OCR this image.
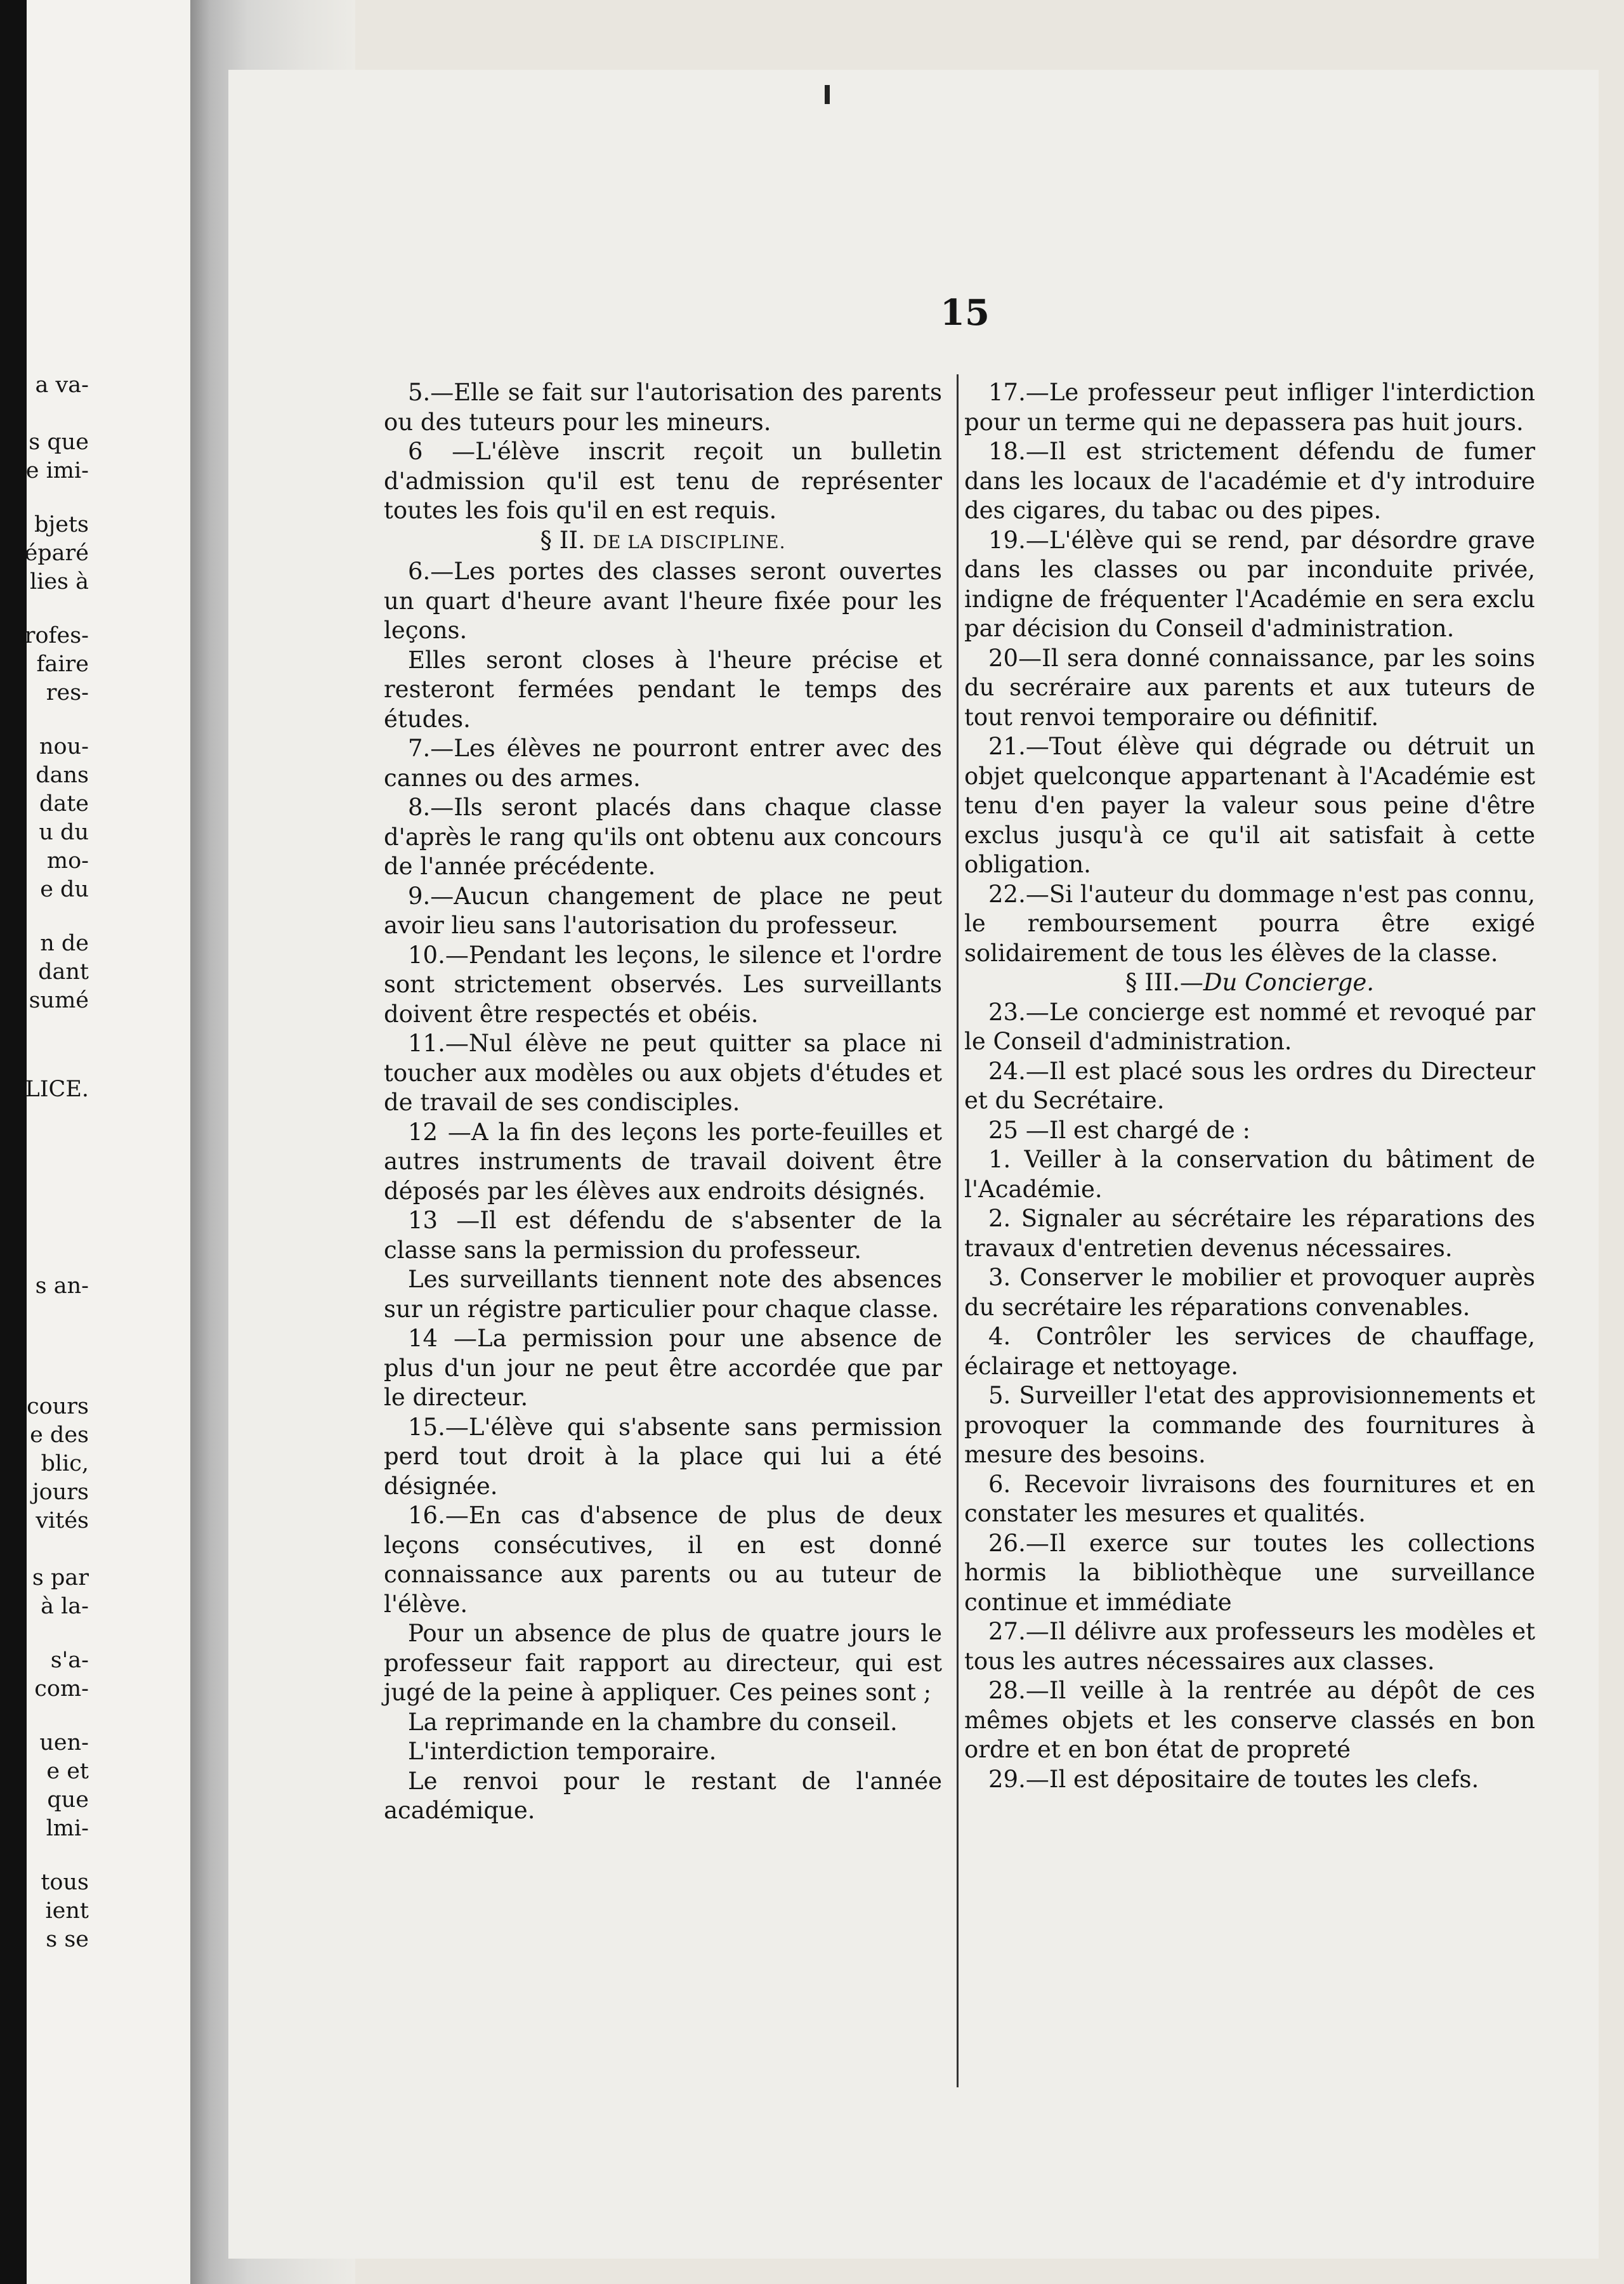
a va-
s que
e imi-
bjets
éparé
lies à
rofes-
faire
res-
nou-
dans
date
u du
mo-
e du
n de
dant
sumé
LICE.
s an-
cours
e des
blic,
jours
vités
s par
à la-
s'a-
com-
uen-
e et
que
lmi-
tous
ient
s se
15

5.—Elle se fait sur l'autorisation des parents ou des tuteurs pour les mineurs.

6 —L'élève inscrit reçoit un bulletin d'admission qu'il est tenu de représenter toutes les fois qu'il en est requis.

§ II. DE LA DISCIPLINE.

6.—Les portes des classes seront ouvertes un quart d'heure avant l'heure fixée pour les leçons.

Elles seront closes à l'heure précise et resteront fermées pendant le temps des études.

7.—Les élèves ne pourront entrer avec des cannes ou des armes.

8.—Ils seront placés dans chaque classe d'après le rang qu'ils ont obtenu aux concours de l'année précédente.

9.—Aucun changement de place ne peut avoir lieu sans l'autorisation du professeur.

10.—Pendant les leçons, le silence et l'ordre sont strictement observés. Les surveillants doivent être respectés et obéis.

11.—Nul élève ne peut quitter sa place ni toucher aux modèles ou aux objets d'études et de travail de ses condisciples.

12 —A la fin des leçons les porte-feuilles et autres instruments de travail doivent être déposés par les élèves aux endroits désignés.

13 —Il est défendu de s'absenter de la classe sans la permission du professeur.

Les surveillants tiennent note des absences sur un régistre particulier pour chaque classe.

14 —La permission pour une absence de plus d'un jour ne peut être accordée que par le directeur.

15.—L'élève qui s'absente sans permission perd tout droit à la place qui lui a été désignée.

16.—En cas d'absence de plus de deux leçons consécutives, il en est donné connaissance aux parents ou au tuteur de l'élève.

Pour un absence de plus de quatre jours le professeur fait rapport au directeur, qui est jugé de la peine à appliquer. Ces peines sont ;

La reprimande en la chambre du conseil.

L'interdiction temporaire.

Le renvoi pour le restant de l'année académique.

17.—Le professeur peut infliger l'interdiction pour un terme qui ne depassera pas huit jours.

18.—Il est strictement défendu de fumer dans les locaux de l'académie et d'y introduire des cigares, du tabac ou des pipes.

19.—L'élève qui se rend, par désordre grave dans les classes ou par inconduite privée, indigne de fréquenter l'Académie en sera exclu par décision du Conseil d'administration.

20—Il sera donné connaissance, par les soins du secréraire aux parents et aux tuteurs de tout renvoi temporaire ou définitif.

21.—Tout élève qui dégrade ou détruit un objet quelconque appartenant à l'Académie est tenu d'en payer la valeur sous peine d'être exclus jusqu'à ce qu'il ait satisfait à cette obligation.

22.—Si l'auteur du dommage n'est pas connu, le remboursement pourra être exigé solidairement de tous les élèves de la classe.

§ III.—Du Concierge.

23.—Le concierge est nommé et revoqué par le Conseil d'administration.

24.—Il est placé sous les ordres du Directeur et du Secrétaire.

25 —Il est chargé de :

1. Veiller à la conservation du bâtiment de l'Académie.

2. Signaler au sécrétaire les réparations des travaux d'entretien devenus nécessaires.

3. Conserver le mobilier et provoquer auprès du secrétaire les réparations convenables.

4. Contrôler les services de chauffage, éclairage et nettoyage.

5. Surveiller l'etat des approvisionnements et provoquer la commande des fournitures à mesure des besoins.

6. Recevoir livraisons des fournitures et en constater les mesures et qualités.

26.—Il exerce sur toutes les collections hormis la bibliothèque une surveillance continue et immédiate

27.—Il délivre aux professeurs les modèles et tous les autres nécessaires aux classes.

28.—Il veille à la rentrée au dépôt de ces mêmes objets et les conserve classés en bon ordre et en bon état de propreté

29.—Il est dépositaire de toutes les clefs.
